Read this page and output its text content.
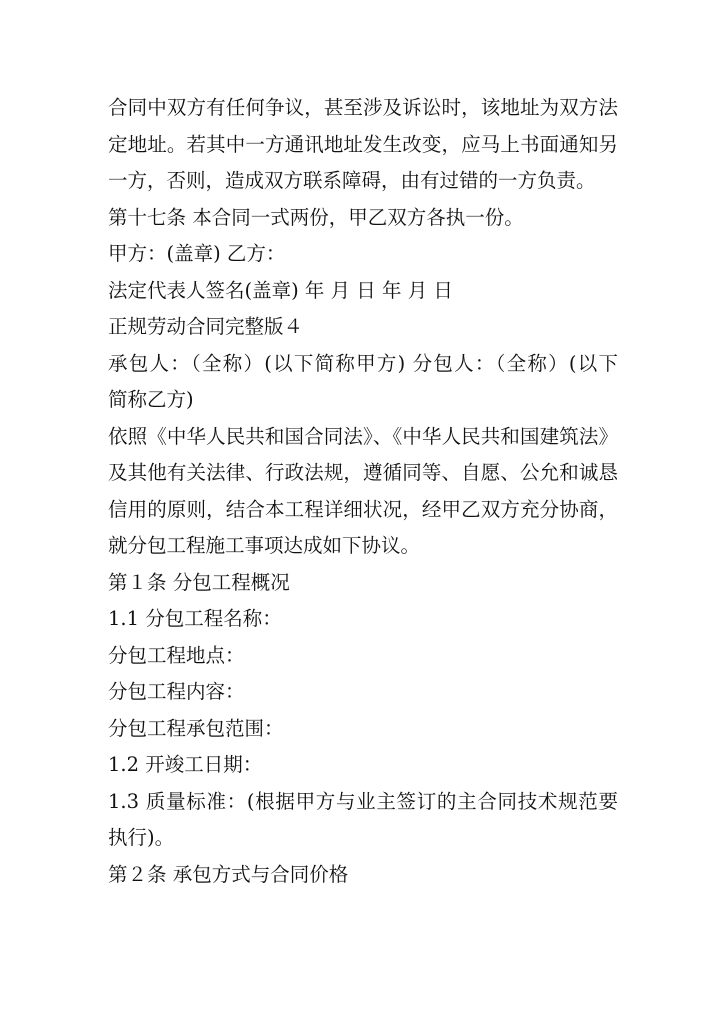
合同中双方有任何争议，甚至涉及诉讼时，该地址为双方法
定地址。若其中一方通讯地址发生改变，应马上书面通知另
一方，否则，造成双方联系障碍，由有过错的一方负责。
第十七条 本合同一式两份，甲乙双方各执一份。
甲方：(盖章) 乙方：
法定代表人签名(盖章) 年 月 日 年 月 日
正规劳动合同完整版４
承包人：（全称）(以下简称甲方) 分包人：（全称）(以下
简称乙方)
依照《中华人民共和国合同法》、《中华人民共和国建筑法》
及其他有关法律、行政法规，遵循同等、自愿、公允和诚恳
信用的原则，结合本工程详细状况，经甲乙双方充分协商，
就分包工程施工事项达成如下协议。
第１条 分包工程概况
1.1 分包工程名称：
分包工程地点：
分包工程内容：
分包工程承包范围：
1.2 开竣工日期：
1.3 质量标准：(根据甲方与业主签订的主合同技术规范要
执行)。
第２条 承包方式与合同价格
